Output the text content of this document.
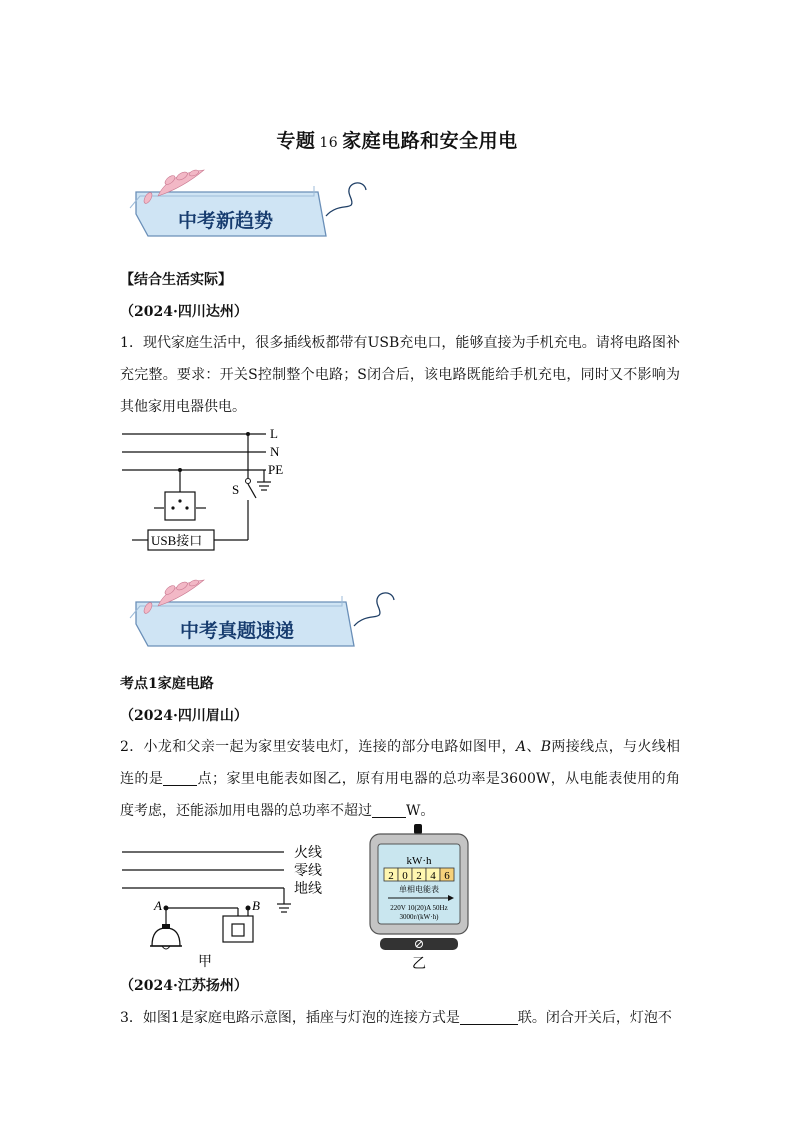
专题 16 家庭电路和安全用电
中考新趋势
【结合生活实际】
（2024·四川达州）
1．现代家庭生活中，很多插线板都带有USB充电口，能够直接为手机充电。请将电路图补充完整。要求：开关S控制整个电路；S闭合后，该电路既能给手机充电，同时又不影响为其他家用电器供电。
L
N
PE
S
USB接口
中考真题速递
考点1家庭电路
（2024·四川眉山）
2．小龙和父亲一起为家里安装电灯，连接的部分电路如图甲，A、B两接线点，与火线相连的是 点；家里电能表如图乙，原有用电器的总功率是3600W，从电能表使用的角度考虑，还能添加用电器的总功率不超过 W。
A	B
火线
零线
地线
甲
kW·h
2 0 2 4 6
单相电能表
220V 10(20)A 50Hz
3000r/(kW·h)
乙
（2024·江苏扬州）
3．如图1是家庭电路示意图，插座与灯泡的连接方式是	联。闭合开关后，灯泡不
